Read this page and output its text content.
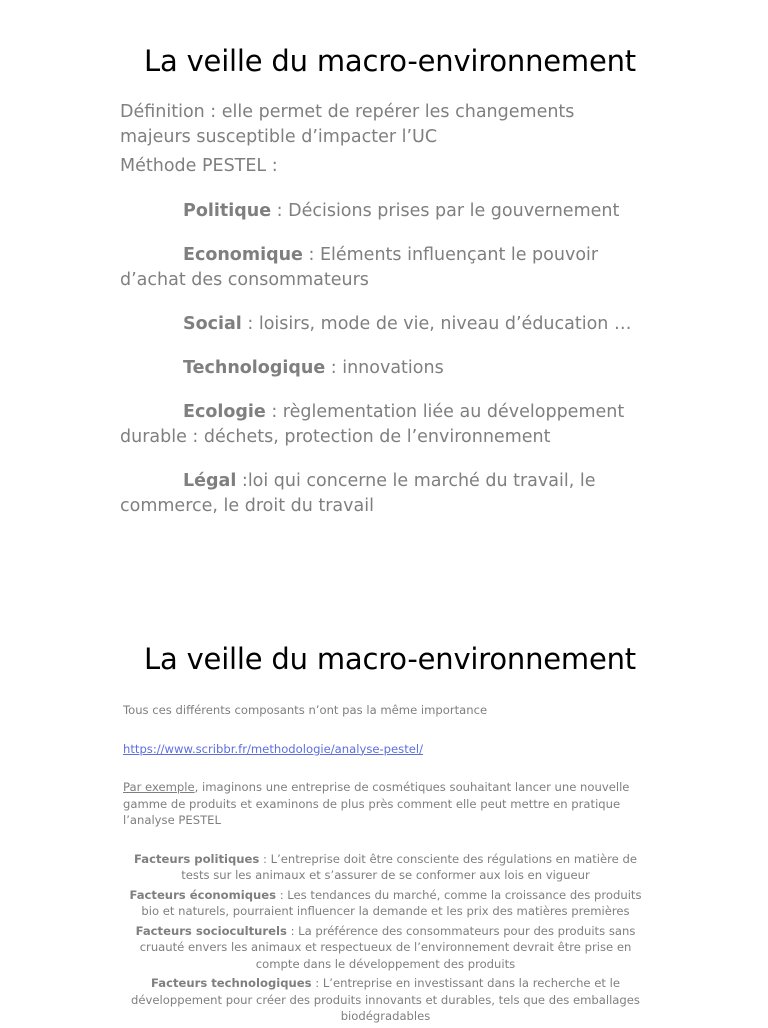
La veille du macro-environnement

Définition : elle permet de repérer les changements majeurs susceptible d’impacter l’UC

Méthode PESTEL :

Politique : Décisions prises par le gouvernement

Economique : Eléments influençant le pouvoir d’achat des consommateurs

Social : loisirs, mode de vie, niveau d’éducation …

Technologique : innovations

Ecologie : règlementation liée au développement durable : déchets, protection de l’environnement

Légal :loi qui concerne le marché du travail, le commerce, le droit du travail

La veille du macro-environnement

Tous ces différents composants n’ont pas la même importance

https://www.scribbr.fr/methodologie/analyse-pestel/

Par exemple, imaginons une entreprise de cosmétiques souhaitant lancer une nouvelle gamme de produits et examinons de plus près comment elle peut mettre en pratique l’analyse PESTEL

Facteurs politiques : L’entreprise doit être consciente des régulations en matière de tests sur les animaux et s’assurer de se conformer aux lois en vigueur

Facteurs économiques : Les tendances du marché, comme la croissance des produits bio et naturels, pourraient influencer la demande et les prix des matières premières

Facteurs socioculturels : La préférence des consommateurs pour des produits sans cruauté envers les animaux et respectueux de l’environnement devrait être prise en compte dans le développement des produits

Facteurs technologiques : L’entreprise en investissant dans la recherche et le développement pour créer des produits innovants et durables, tels que des emballages biodégradables
